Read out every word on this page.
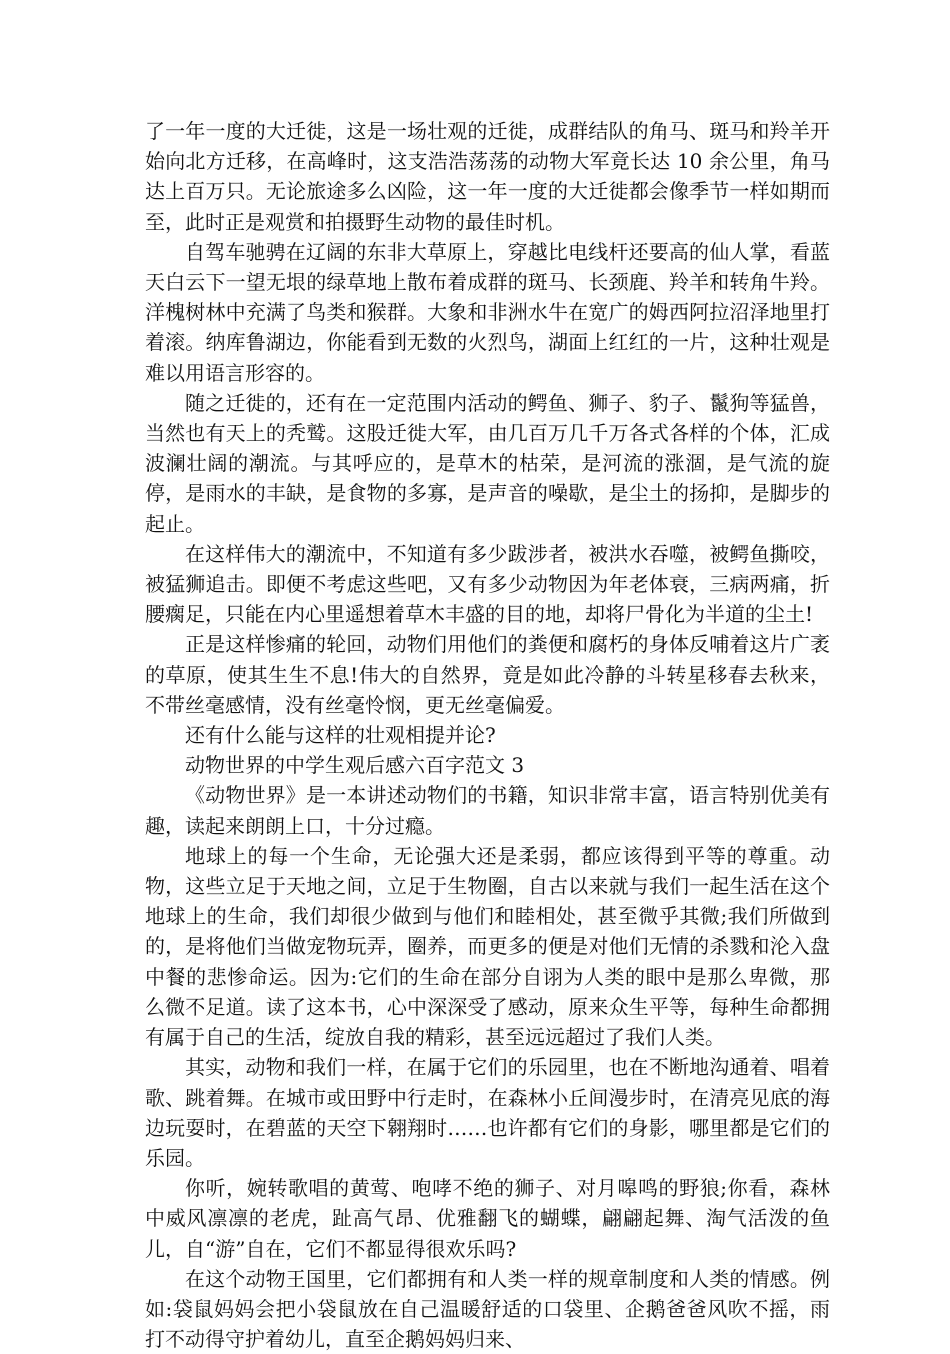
了一年一度的大迁徙，这是一场壮观的迁徙，成群结队的角马、斑马和羚羊开始向北方迁移，在高峰时，这支浩浩荡荡的动物大军竟长达 10 余公里，角马达上百万只。无论旅途多么凶险，这一年一度的大迁徙都会像季节一样如期而至，此时正是观赏和拍摄野生动物的最佳时机。

自驾车驰骋在辽阔的东非大草原上，穿越比电线杆还要高的仙人掌，看蓝天白云下一望无垠的绿草地上散布着成群的斑马、长颈鹿、羚羊和转角牛羚。洋槐树林中充满了鸟类和猴群。大象和非洲水牛在宽广的姆西阿拉沼泽地里打着滚。纳库鲁湖边，你能看到无数的火烈鸟，湖面上红红的一片，这种壮观是难以用语言形容的。

随之迁徙的，还有在一定范围内活动的鳄鱼、狮子、豹子、鬣狗等猛兽，当然也有天上的秃鹫。这股迁徙大军，由几百万几千万各式各样的个体，汇成波澜壮阔的潮流。与其呼应的，是草木的枯荣，是河流的涨涸，是气流的旋停，是雨水的丰缺，是食物的多寡，是声音的噪歇，是尘土的扬抑，是脚步的起止。

在这样伟大的潮流中，不知道有多少跋涉者，被洪水吞噬，被鳄鱼撕咬，被猛狮追击。即便不考虑这些吧，又有多少动物因为年老体衰，三病两痛，折腰瘸足，只能在内心里遥想着草木丰盛的目的地，却将尸骨化为半道的尘土!

正是这样惨痛的轮回，动物们用他们的粪便和腐朽的身体反哺着这片广袤的草原，使其生生不息!伟大的自然界，竟是如此冷静的斗转星移春去秋来，不带丝毫感情，没有丝毫怜悯，更无丝毫偏爱。

还有什么能与这样的壮观相提并论?

动物世界的中学生观后感六百字范文 3

《动物世界》是一本讲述动物们的书籍，知识非常丰富，语言特别优美有趣，读起来朗朗上口，十分过瘾。

地球上的每一个生命，无论强大还是柔弱，都应该得到平等的尊重。动物，这些立足于天地之间，立足于生物圈，自古以来就与我们一起生活在这个地球上的生命，我们却很少做到与他们和睦相处，甚至微乎其微;我们所做到的，是将他们当做宠物玩弄，圈养，而更多的便是对他们无情的杀戮和沦入盘中餐的悲惨命运。因为:它们的生命在部分自诩为人类的眼中是那么卑微，那么微不足道。读了这本书，心中深深受了感动，原来众生平等，每种生命都拥有属于自己的生活，绽放自我的精彩，甚至远远超过了我们人类。

其实，动物和我们一样，在属于它们的乐园里，也在不断地沟通着、唱着歌、跳着舞。在城市或田野中行走时，在森林小丘间漫步时，在清亮见底的海边玩耍时，在碧蓝的天空下翱翔时……也许都有它们的身影，哪里都是它们的乐园。

你听，婉转歌唱的黄莺、咆哮不绝的狮子、对月嗥鸣的野狼;你看，森林中威风凛凛的老虎，趾高气昂、优雅翻飞的蝴蝶，翩翩起舞、淘气活泼的鱼儿，自“游”自在，它们不都显得很欢乐吗?

在这个动物王国里，它们都拥有和人类一样的规章制度和人类的情感。例如:袋鼠妈妈会把小袋鼠放在自己温暖舒适的口袋里、企鹅爸爸风吹不摇，雨打不动得守护着幼儿，直至企鹅妈妈归来、
